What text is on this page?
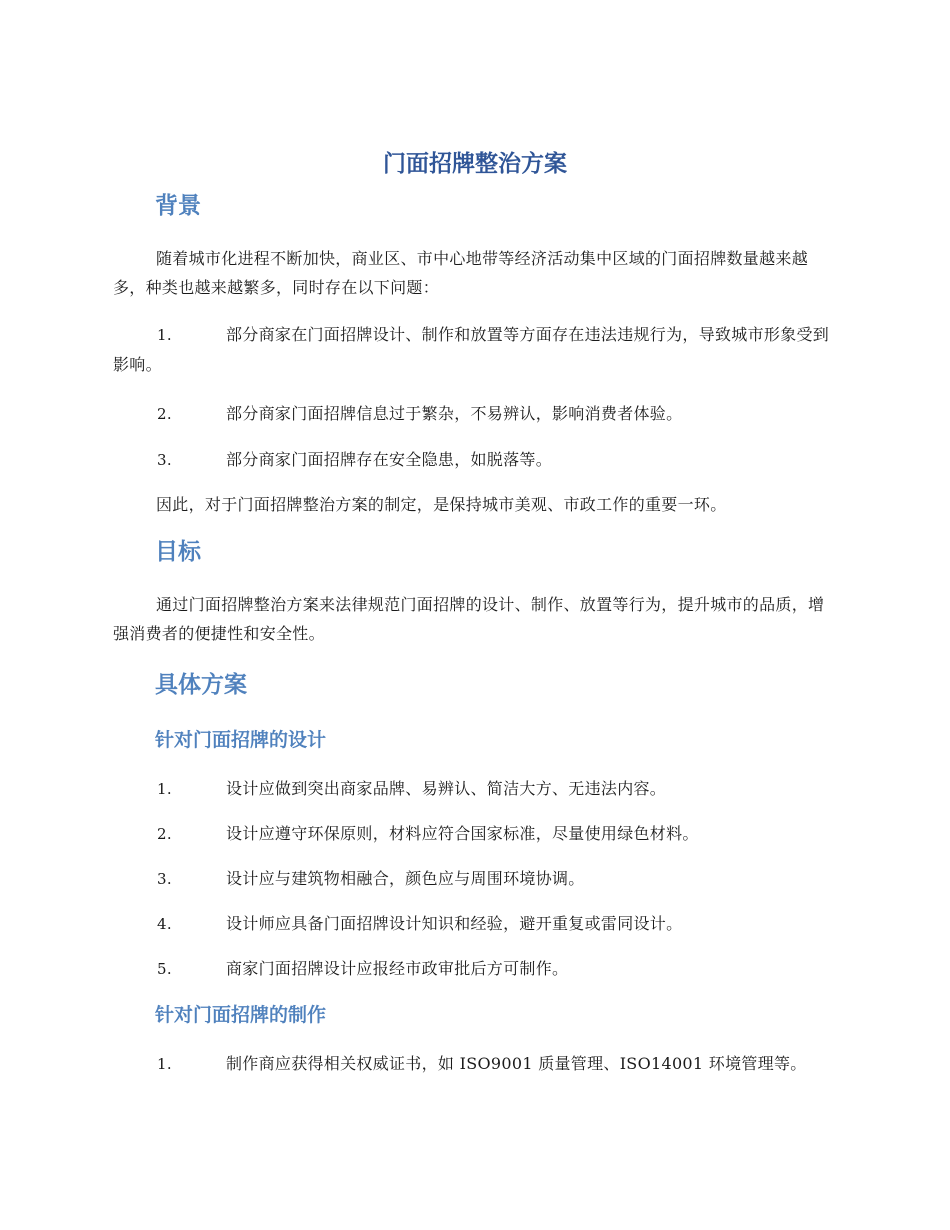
门面招牌整治方案
背景

随着城市化进程不断加快，商业区、市中心地带等经济活动集中区域的门面招牌数量越来越多，种类也越来越繁多，同时存在以下问题：

1.	部分商家在门面招牌设计、制作和放置等方面存在违法违规行为，导致城市形象受到影响。
2.	部分商家门面招牌信息过于繁杂，不易辨认，影响消费者体验。
3.	部分商家门面招牌存在安全隐患，如脱落等。

因此，对于门面招牌整治方案的制定，是保持城市美观、市政工作的重要一环。

目标

通过门面招牌整治方案来法律规范门面招牌的设计、制作、放置等行为，提升城市的品质，增强消费者的便捷性和安全性。

具体方案
针对门面招牌的设计
1.	设计应做到突出商家品牌、易辨认、简洁大方、无违法内容。
2.	设计应遵守环保原则，材料应符合国家标准，尽量使用绿色材料。
3.	设计应与建筑物相融合，颜色应与周围环境协调。
4.	设计师应具备门面招牌设计知识和经验，避开重复或雷同设计。
5.	商家门面招牌设计应报经市政审批后方可制作。
针对门面招牌的制作
1.	制作商应获得相关权威证书，如 ISO9001 质量管理、ISO14001 环境管理等。
